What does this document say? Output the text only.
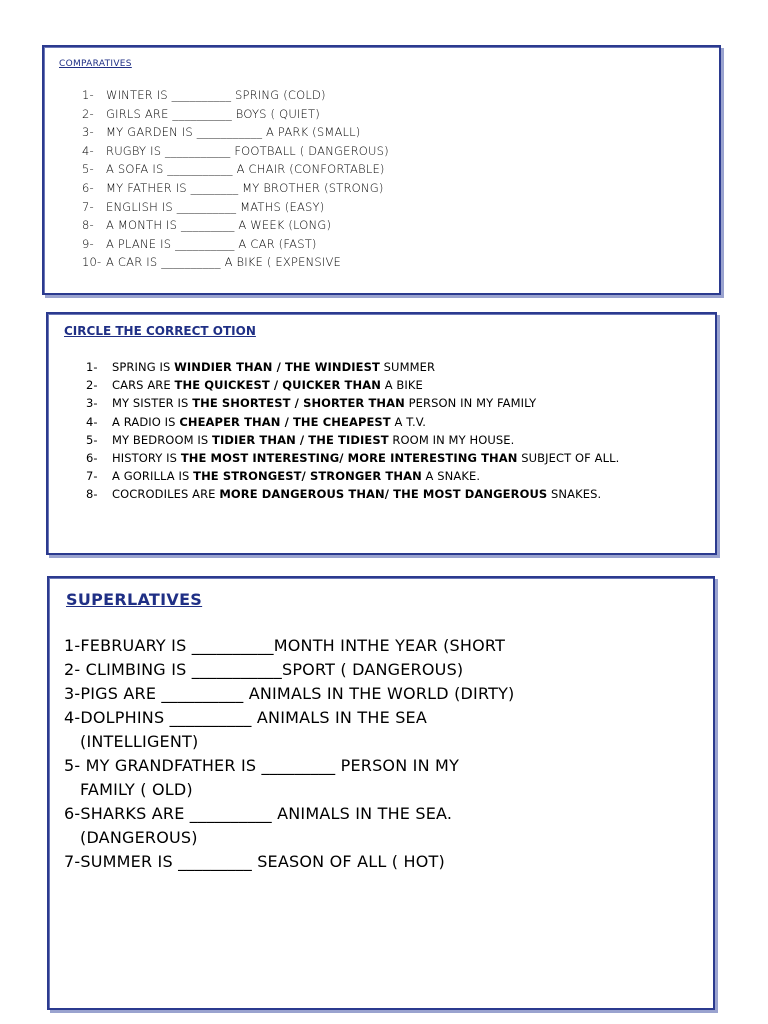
COMPARATIVES
1- WINTER IS __________ SPRING (COLD)
2- GIRLS ARE __________ BOYS ( QUIET)
3- MY GARDEN IS ___________ A PARK (SMALL)
4- RUGBY IS ___________ FOOTBALL ( DANGEROUS)
5- A SOFA IS ___________ A CHAIR (CONFORTABLE)
6- MY FATHER IS ________ MY BROTHER (STRONG)
7- ENGLISH IS __________ MATHS (EASY)
8- A MONTH IS _________ A WEEK (LONG)
9- A PLANE IS __________ A CAR (FAST)
10- A CAR IS __________ A BIKE ( EXPENSIVE
CIRCLE THE CORRECT OTION
1-	SPRING IS WINDIER THAN / THE WINDIEST SUMMER
2-	CARS ARE THE QUICKEST / QUICKER THAN A BIKE
3-	MY SISTER IS THE SHORTEST / SHORTER THAN PERSON IN MY FAMILY
4-	A RADIO IS CHEAPER THAN / THE CHEAPEST A T.V.
5-	MY BEDROOM IS TIDIER THAN / THE TIDIEST ROOM IN MY HOUSE.
6-	HISTORY IS THE MOST INTERESTING/ MORE INTERESTING THAN SUBJECT OF ALL.
7-	A GORILLA IS THE STRONGEST/ STRONGER THAN A SNAKE.
8-	COCRODILES ARE MORE DANGEROUS THAN/ THE MOST DANGEROUS SNAKES.
SUPERLATIVES
1-FEBRUARY IS __________MONTH INTHE YEAR (SHORT
2- CLIMBING IS ___________SPORT ( DANGEROUS)
3-PIGS ARE __________ ANIMALS IN THE WORLD (DIRTY)
4-DOLPHINS __________ ANIMALS IN THE SEA
(INTELLIGENT)
5- MY GRANDFATHER IS _________ PERSON IN MY
FAMILY ( OLD)
6-SHARKS ARE __________ ANIMALS IN THE SEA.
(DANGEROUS)
7-SUMMER IS _________ SEASON OF ALL ( HOT)
